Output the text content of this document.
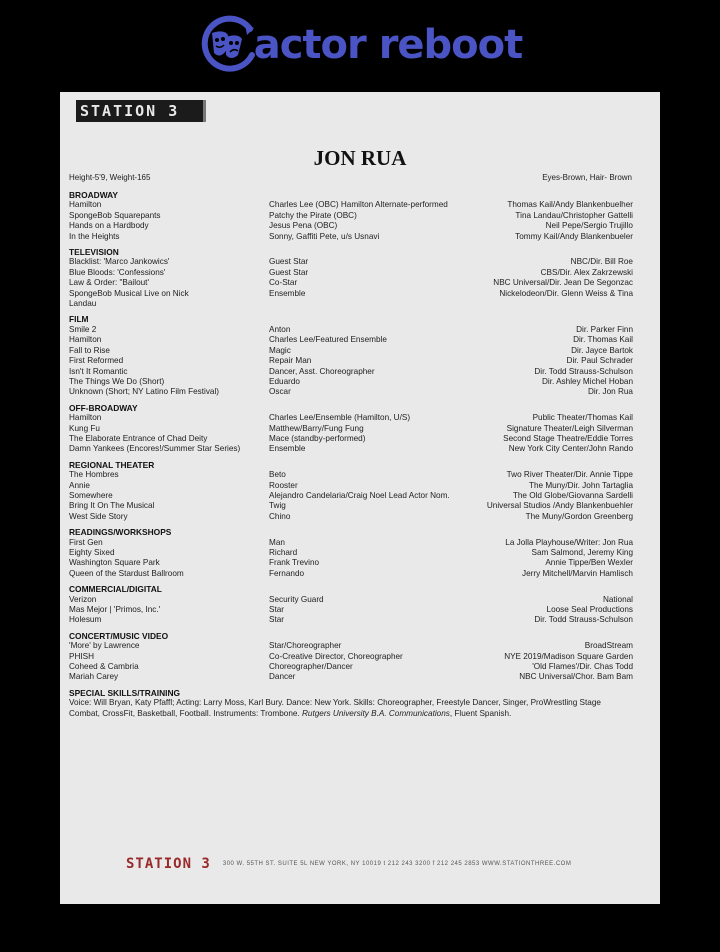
actor reboot
STATION 3
JON RUA
Height-5'9, Weight-165	Eyes-Brown, Hair- Brown
BROADWAY
Hamilton	Charles Lee (OBC) Hamilton Alternate-performed	Thomas Kail/Andy Blankenbuelher
SpongeBob Squarepants	Patchy the Pirate (OBC)	Tina Landau/Christopher Gattelli
Hands on a Hardbody	Jesus Pena (OBC)	Neil Pepe/Sergio Trujillo
In the Heights	Sonny, Gaffiti Pete, u/s Usnavi	Tommy Kail/Andy Blankenbueler
TELEVISION
Blacklist: 'Marco Jankowics'	Guest Star	NBC/Dir. Bill Roe
Blue Bloods: 'Confessions'	Guest Star	CBS/Dir. Alex Zakrzewski
Law & Order: "Bailout'	Co-Star	NBC Universal/Dir. Jean De Segonzac
SpongeBob Musical Live on Nick	Ensemble	Nickelodeon/Dir. Glenn Weiss & Tina
Landau
FILM
Smile 2	Anton	Dir. Parker Finn
Hamilton	Charles Lee/Featured Ensemble	Dir. Thomas Kail
Fall to Rise	Magic	Dir. Jayce Bartok
First Reformed	Repair Man	Dir. Paul Schrader
Isn't It Romantic	Dancer, Asst. Choreographer	Dir. Todd Strauss-Schulson
The Things We Do (Short)	Eduardo	Dir. Ashley Michel Hoban
Unknown (Short; NY Latino Film Festival)	Oscar	Dir. Jon Rua
OFF-BROADWAY
Hamilton	Charles Lee/Ensemble (Hamilton, U/S)	Public Theater/Thomas Kail
Kung Fu	Matthew/Barry/Fung Fung	Signature Theater/Leigh Silverman
The Elaborate Entrance of Chad Deity	Mace (standby-performed)	Second Stage Theatre/Eddie Torres
Damn Yankees (Encores!/Summer Star Series)	Ensemble	New York City Center/John Rando
REGIONAL THEATER
The Hombres	Beto	Two River Theater/Dir. Annie Tippe
Annie	Rooster	The Muny/Dir. John Tartaglia
Somewhere	Alejandro Candelaria/Craig Noel Lead Actor Nom.	The Old Globe/Giovanna Sardelli
Bring It On The Musical	Twig	Universal Studios /Andy Blankenbuehler
West Side Story	Chino	The Muny/Gordon Greenberg
READINGS/WORKSHOPS
First Gen	Man	La Jolla Playhouse/Writer: Jon Rua
Eighty Sixed	Richard	Sam Salmond, Jeremy King
Washington Square Park	Frank Trevino	Annie Tippe/Ben Wexler
Queen of the Stardust Ballroom	Fernando	Jerry Mitchell/Marvin Hamlisch
COMMERCIAL/DIGITAL
Verizon	Security Guard	National
Mas Mejor | 'Primos, Inc.'	Star	Loose Seal Productions
Holesum	Star	Dir. Todd Strauss-Schulson
CONCERT/MUSIC VIDEO
'More' by Lawrence	Star/Choreographer	BroadStream
PHISH	Co-Creative Director, Choreographer	NYE 2019/Madison Square Garden
Coheed & Cambria	Choreographer/Dancer	'Old Flames'/Dir. Chas Todd
Mariah Carey	Dancer	NBC Universal/Chor. Bam Bam
SPECIAL SKILLS/TRAINING
Voice: Will Bryan, Katy Pfaffl; Acting: Larry Moss, Karl Bury. Dance: New York. Skills: Choreographer, Freestyle Dancer, Singer, ProWrestling Stage Combat, CrossFit, Basketball, Football. Instruments: Trombone. Rutgers University B.A. Communications, Fluent Spanish.
STATION 3 300 W. 55TH ST. SUITE 5L NEW YORK, NY 10019 t 212 243 3200 f 212 245 2853 WWW.STATIONTHREE.COM
